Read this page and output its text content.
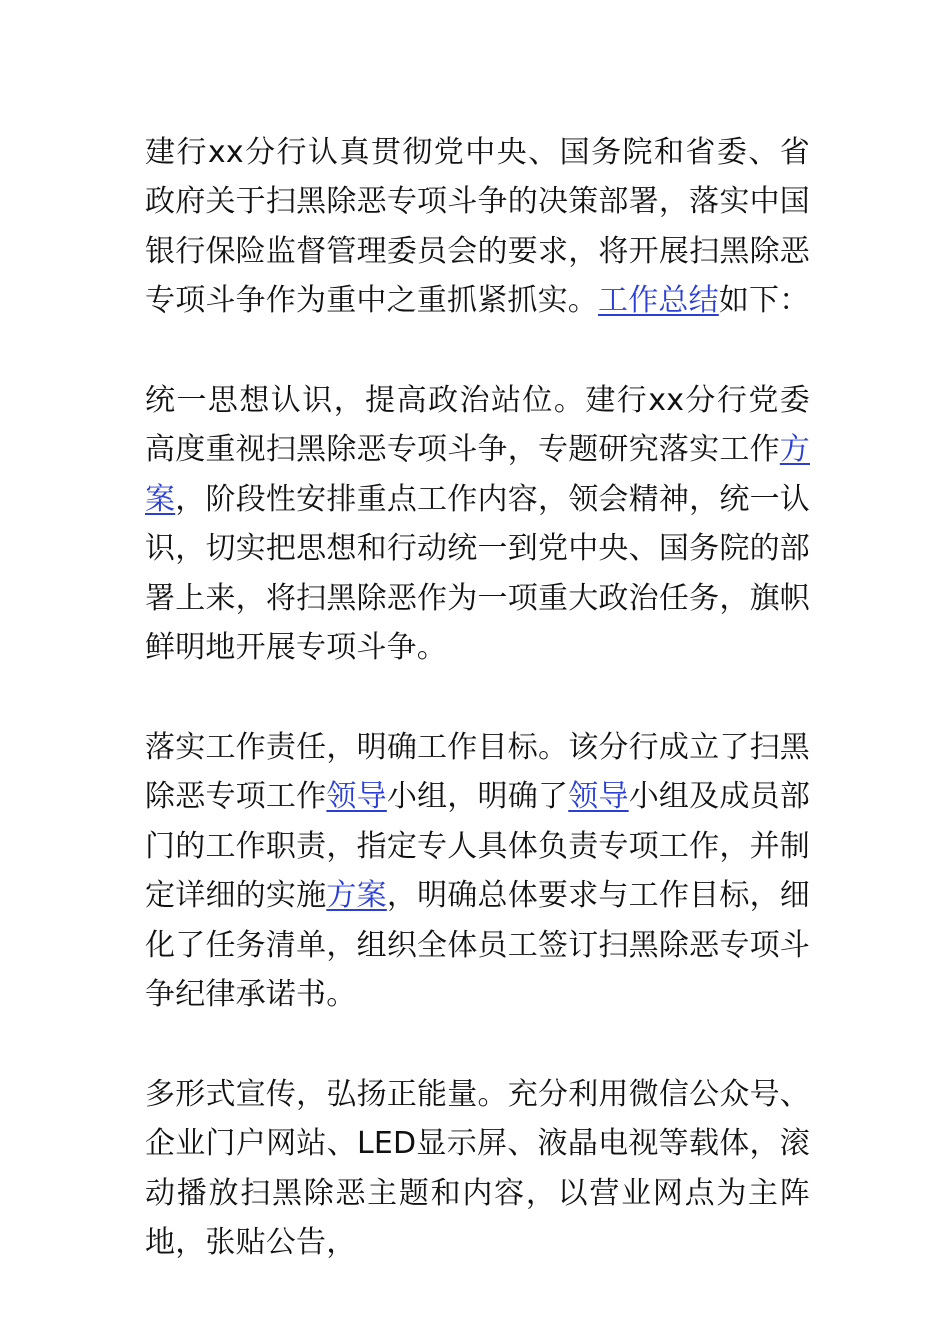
建行xx分行认真贯彻党中央、国务院和省委、省政府关于扫黑除恶专项斗争的决策部署，落实中国银行保险监督管理委员会的要求，将开展扫黑除恶专项斗争作为重中之重抓紧抓实。工作总结如下：

统一思想认识，提高政治站位。建行xx分行党委高度重视扫黑除恶专项斗争，专题研究落实工作方案，阶段性安排重点工作内容，领会精神，统一认识，切实把思想和行动统一到党中央、国务院的部署上来，将扫黑除恶作为一项重大政治任务，旗帜鲜明地开展专项斗争。

落实工作责任，明确工作目标。该分行成立了扫黑除恶专项工作领导小组，明确了领导小组及成员部门的工作职责，指定专人具体负责专项工作，并制定详细的实施方案，明确总体要求与工作目标，细化了任务清单，组织全体员工签订扫黑除恶专项斗争纪律承诺书。

多形式宣传，弘扬正能量。充分利用微信公众号、企业门户网站、LED显示屏、液晶电视等载体，滚动播放扫黑除恶主题和内容，以营业网点为主阵地，张贴公告，
